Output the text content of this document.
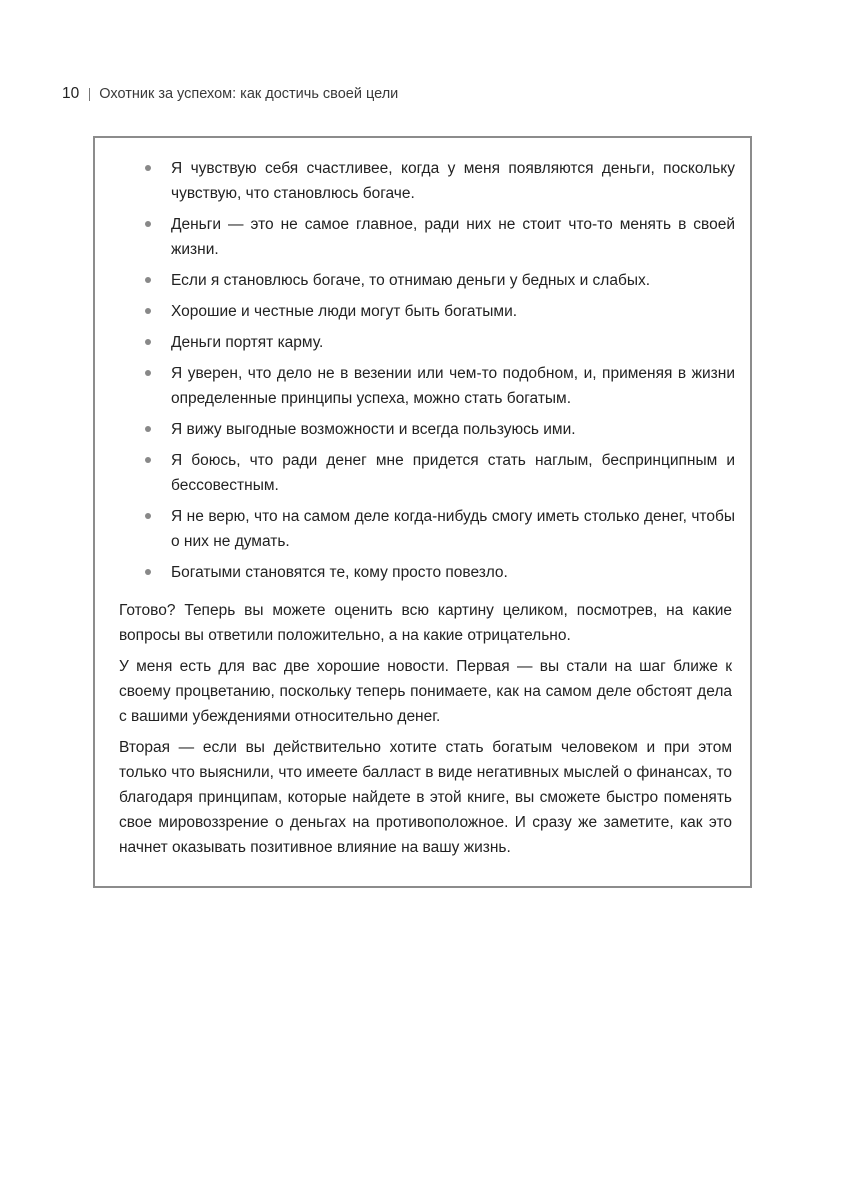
10 Охотник за успехом: как достичь своей цели
Я чувствую себя счастливее, когда у меня появляются деньги, поскольку чувствую, что становлюсь богаче.
Деньги — это не самое главное, ради них не стоит что-то менять в своей жизни.
Если я становлюсь богаче, то отнимаю деньги у бедных и слабых.
Хорошие и честные люди могут быть богатыми.
Деньги портят карму.
Я уверен, что дело не в везении или чем-то подобном, и, применяя в жизни определенные принципы успеха, можно стать богатым.
Я вижу выгодные возможности и всегда пользуюсь ими.
Я боюсь, что ради денег мне придется стать наглым, беспринципным и бессовестным.
Я не верю, что на самом деле когда-нибудь смогу иметь столько денег, чтобы о них не думать.
Богатыми становятся те, кому просто повезло.

Готово? Теперь вы можете оценить всю картину целиком, посмотрев, на какие вопросы вы ответили положительно, а на какие отрицательно.

У меня есть для вас две хорошие новости. Первая — вы стали на шаг ближе к своему процветанию, поскольку теперь понимаете, как на самом деле обстоят дела с вашими убеждениями относительно денег.

Вторая — если вы действительно хотите стать богатым человеком и при этом только что выяснили, что имеете балласт в виде негативных мыслей о финансах, то благодаря принципам, которые найдете в этой книге, вы сможете быстро поменять свое мировоззрение о деньгах на противоположное. И сразу же заметите, как это начнет оказывать позитивное влияние на вашу жизнь.
